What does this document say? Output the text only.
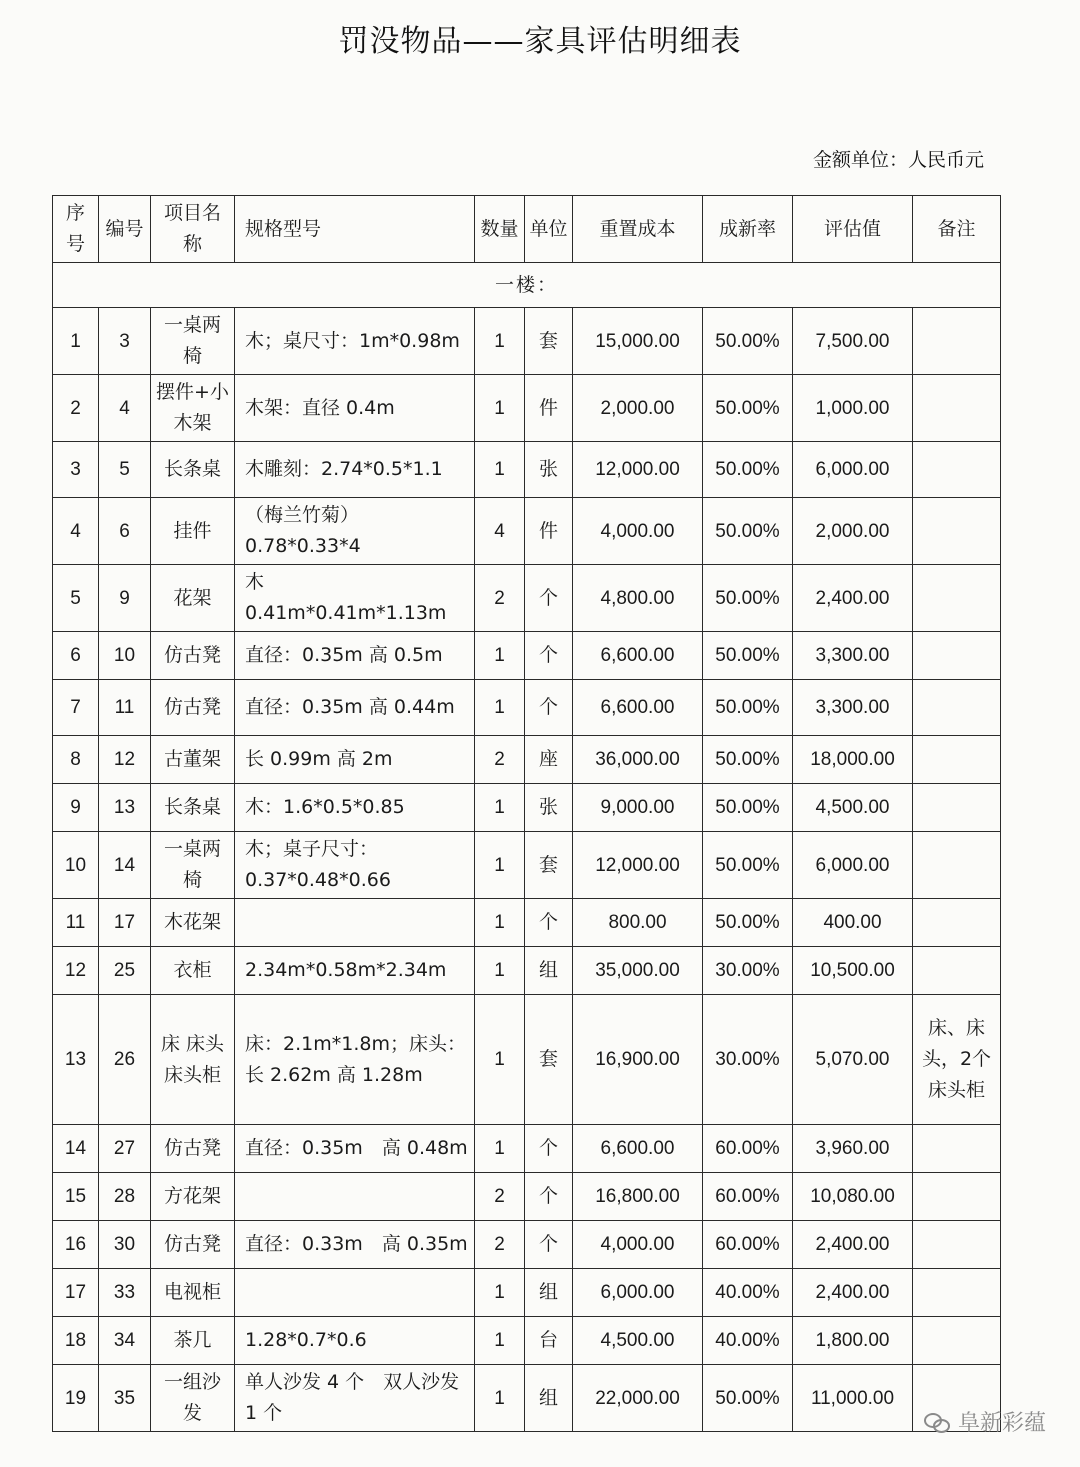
罚没物品——家具评估明细表
金额单位：人民币元
序号	编号	项目名称	规格型号	数量	单位	重置成本	成新率	评估值	备注
一楼：									
1	3	一桌两椅	木；桌尺寸：1m*0.98m	1	套	15,000.00	50.00%	7,500.00	
2	4	摆件+小木架	木架：直径 0.4m	1	件	2,000.00	50.00%	1,000.00	
3	5	长条桌	木雕刻：2.74*0.5*1.1	1	张	12,000.00	50.00%	6,000.00	
4	6	挂件	（梅兰竹菊）0.78*0.33*4	4	件	4,000.00	50.00%	2,000.00	
5	9	花架	木 0.41m*0.41m*1.13m	2	个	4,800.00	50.00%	2,400.00	
6	10	仿古凳	直径：0.35m 高 0.5m	1	个	6,600.00	50.00%	3,300.00	
7	11	仿古凳	直径：0.35m 高 0.44m	1	个	6,600.00	50.00%	3,300.00	
8	12	古董架	长 0.99m 高 2m	2	座	36,000.00	50.00%	18,000.00	
9	13	长条桌	木：1.6*0.5*0.85	1	张	9,000.00	50.00%	4,500.00	
10	14	一桌两椅	木；桌子尺寸：0.37*0.48*0.66	1	套	12,000.00	50.00%	6,000.00	
11	17	木花架		1	个	800.00	50.00%	400.00	
12	25	衣柜	2.34m*0.58m*2.34m	1	组	35,000.00	30.00%	10,500.00	
13	26	床 床头 床头柜	床：2.1m*1.8m；床头：长 2.62m 高 1.28m	1	套	16,900.00	30.00%	5,070.00	床、床头，2个床头柜
14	27	仿古凳	直径：0.35m　高 0.48m	1	个	6,600.00	60.00%	3,960.00	
15	28	方花架		2	个	16,800.00	60.00%	10,080.00	
16	30	仿古凳	直径：0.33m　高 0.35m	2	个	4,000.00	60.00%	2,400.00	
17	33	电视柜		1	组	6,000.00	40.00%	2,400.00	
18	34	茶几	1.28*0.7*0.6	1	台	4,500.00	40.00%	1,800.00	
19	35	一组沙发	单人沙发 4 个　双人沙发 1 个	1	组	22,000.00	50.00%	11,000.00	
阜新彩蕴
